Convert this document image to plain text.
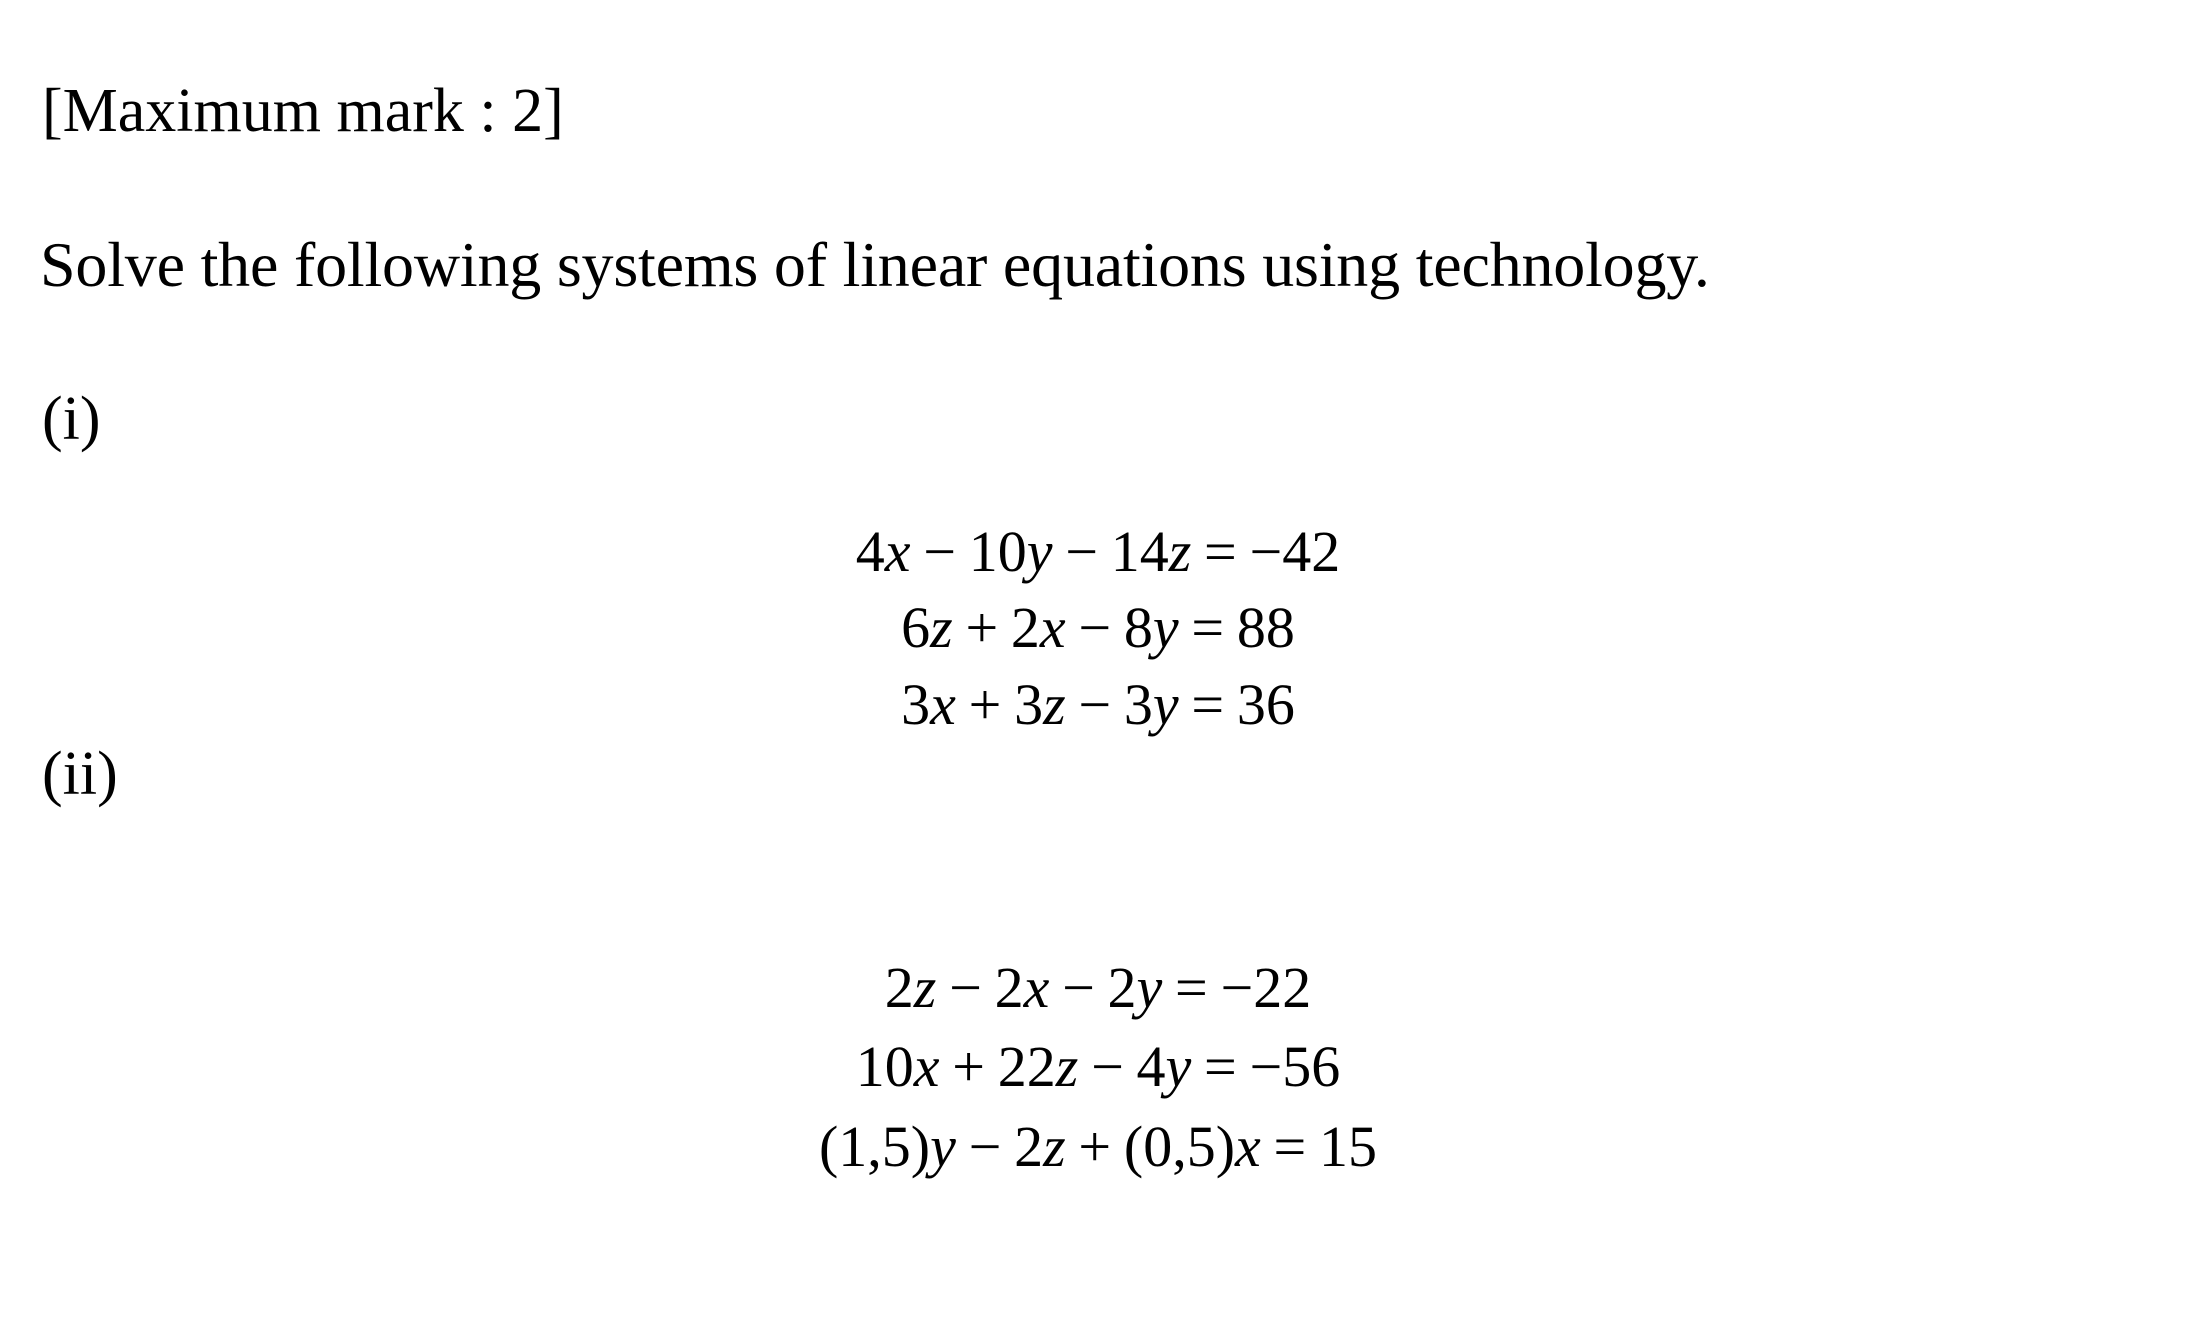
[Maximum mark : 2]
Solve the following systems of linear equations using technology.
(i)
4x − 10y − 14z = −42
6z + 2x − 8y = 88
3x + 3z − 3y = 36
(ii)
2z − 2x − 2y = −22
10x + 22z − 4y = −56
(1,5)y − 2z + (0,5)x = 15
